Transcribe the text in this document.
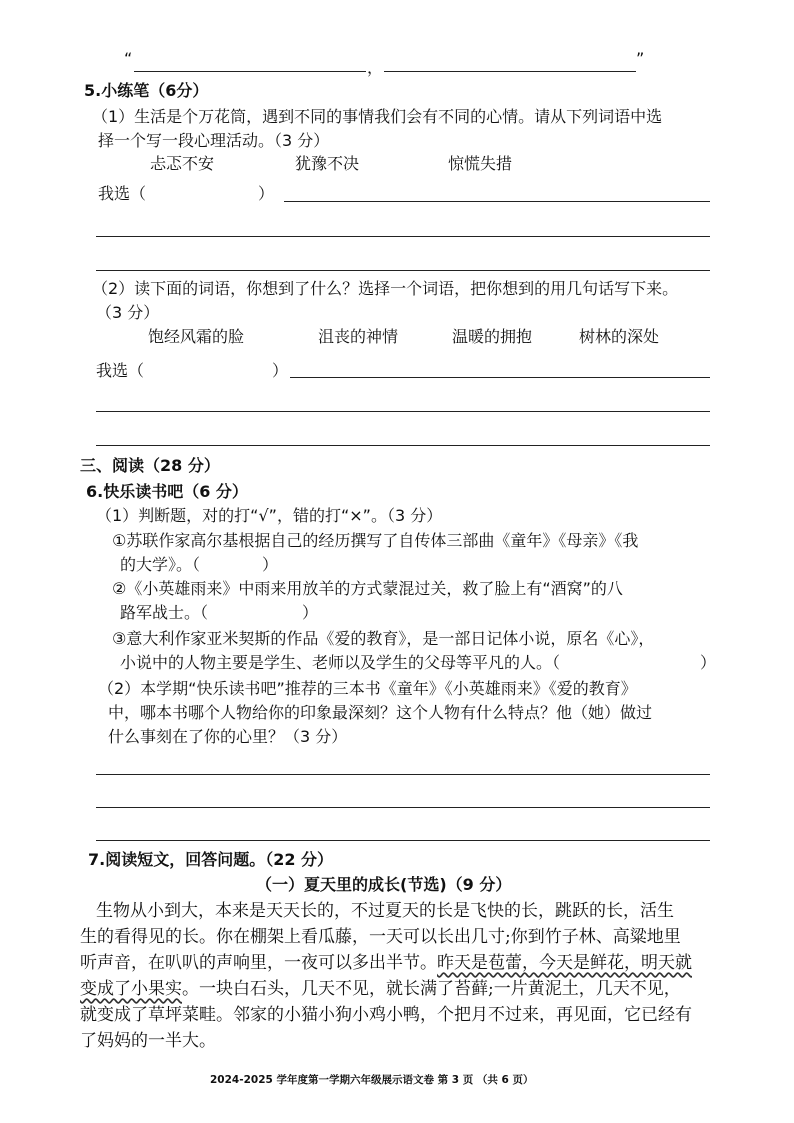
“	，	”
5.小练笔（6分）
（1）生活是个万花筒，遇到不同的事情我们会有不同的心情。请从下列词语中选
择一个写一段心理活动。（3 分）
忐忑不安	犹豫不决	惊慌失措
我选（	）
（2）读下面的词语，你想到了什么？选择一个词语，把你想到的用几句话写下来。
（3 分）
饱经风霜的脸	沮丧的神情	温暖的拥抱	树林的深处
我选（	）
三、阅读（28 分）
6.快乐读书吧（6 分）
（1）判断题，对的打“√”，错的打“×”。（3 分）
①苏联作家高尔基根据自己的经历撰写了自传体三部曲《童年》《母亲》《我
的大学》。（	）
②《小英雄雨来》中雨来用放羊的方式蒙混过关，救了脸上有“酒窝”的八
路军战士。（	）
③意大利作家亚米契斯的作品《爱的教育》，是一部日记体小说，原名《心》，
小说中的人物主要是学生、老师以及学生的父母等平凡的人。（	）
（2）本学期“快乐读书吧”推荐的三本书《童年》《小英雄雨来》《爱的教育》
中，哪本书哪个人物给你的印象最深刻？这个人物有什么特点？他（她）做过
什么事刻在了你的心里？（3 分）
7.阅读短文，回答问题。（22 分）
（一）夏天里的成长(节选)（9 分）
生物从小到大，本来是天天长的，不过夏天的长是飞快的长，跳跃的长，活生
生的看得见的长。你在棚架上看瓜藤，一天可以长出几寸;你到竹子林、高粱地里
听声音，在叭叭的声响里，一夜可以多出半节。昨天是苞蕾，今天是鲜花，明天就
变成了小果实。一块白石头，几天不见，就长满了苔藓;一片黄泥土，几天不见，
就变成了草坪菜畦。邻家的小猫小狗小鸡小鸭，个把月不过来，再见面，它已经有
了妈妈的一半大。
2024-2025 学年度第一学期六年级展示语文卷 第 3 页 （共 6 页）
